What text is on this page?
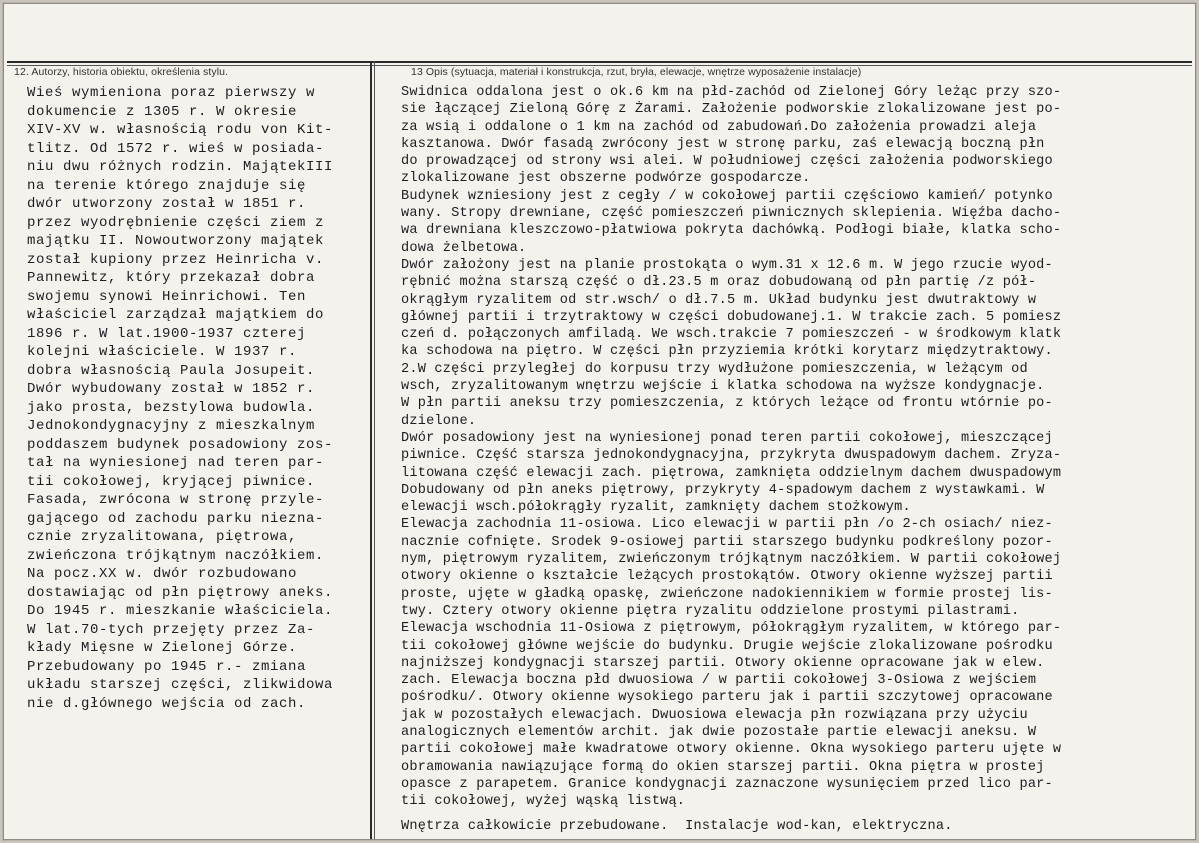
12. Autorzy, historia obiektu, określenia stylu.	13 Opis (sytuacja, materiał i konstrukcja, rzut, bryła, elewacje, wnętrze wyposażenie instalacje)
Wieś wymieniona poraz pierwszy w
dokumencie z 1305 r. W okresie
XIV-XV w. własnością rodu von Kit-
tlitz. Od 1572 r. wieś w posiada-
niu dwu różnych rodzin. MajątekIII
na terenie którego znajduje się
dwór utworzony został w 1851 r.
przez wyodrębnienie części ziem z
majątku II. Nowoutworzony majątek
został kupiony przez Heinricha v.
Pannewitz, który przekazał dobra
swojemu synowi Heinrichowi. Ten
właściciel zarządzał majątkiem do
1896 r. W lat.1900-1937 czterej
kolejni właściciele. W 1937 r.
dobra własnością Paula Josupeit.
Dwór wybudowany został w 1852 r.
jako prosta, bezstylowa budowla.
Jednokondygnacyjny z mieszkalnym
poddaszem budynek posadowiony zos-
tał na wyniesionej nad teren par-
tii cokołowej, kryjącej piwnice.
Fasada, zwrócona w stronę przyle-
gającego od zachodu parku niezna-
cznie zryzalitowana, piętrowa,
zwieńczona trójkątnym naczółkiem.
Na pocz.XX w. dwór rozbudowano
dostawiając od płn piętrowy aneks.
Do 1945 r. mieszkanie właściciela.
W lat.70-tych przejęty przez Za-
kłady Mięsne w Zielonej Górze.
Przebudowany po 1945 r.- zmiana
układu starszej części, zlikwidowa
nie d.głównego wejścia od zach.
Swidnica oddalona jest o ok.6 km na płd-zachód od Zielonej Góry leżąc przy szo-
sie łączącej Zieloną Górę z Żarami. Założenie podworskie zlokalizowane jest po-
za wsią i oddalone o 1 km na zachód od zabudowań.Do założenia prowadzi aleja
kasztanowa. Dwór fasadą zwrócony jest w stronę parku, zaś elewacją boczną płn
do prowadzącej od strony wsi alei. W południowej części założenia podworskiego
zlokalizowane jest obszerne podwórze gospodarcze.
Budynek wzniesiony jest z cegły / w cokołowej partii częściowo kamień/ potynko
wany. Stropy drewniane, część pomieszczeń piwnicznych sklepienia. Więźba dacho-
wa drewniana kleszczowo-płatwiowa pokryta dachówką. Podłogi białe, klatka scho-
dowa żelbetowa.
Dwór założony jest na planie prostokąta o wym.31 x 12.6 m. W jego rzucie wyod-
rębnić można starszą część o dł.23.5 m oraz dobudowaną od płn partię /z pół-
okrągłym ryzalitem od str.wsch/ o dł.7.5 m. Układ budynku jest dwutraktowy w
głównej partii i trzytraktowy w części dobudowanej.1. W trakcie zach. 5 pomiesz
czeń d. połączonych amfiladą. We wsch.trakcie 7 pomieszczeń - w środkowym klatk
ka schodowa na piętro. W części płn przyziemia krótki korytarz międzytraktowy.
2.W części przyległej do korpusu trzy wydłużone pomieszczenia, w leżącym od
wsch, zryzalitowanym wnętrzu wejście i klatka schodowa na wyższe kondygnacje.
W płn partii aneksu trzy pomieszczenia, z których leżące od frontu wtórnie po-
dzielone.
Dwór posadowiony jest na wyniesionej ponad teren partii cokołowej, mieszczącej
piwnice. Część starsza jednokondygnacyjna, przykryta dwuspadowym dachem. Zryza-
litowana część elewacji zach. piętrowa, zamknięta oddzielnym dachem dwuspadowym
Dobudowany od płn aneks piętrowy, przykryty 4-spadowym dachem z wystawkami. W
elewacji wsch.półokrągły ryzalit, zamknięty dachem stożkowym.
Elewacja zachodnia 11-osiowa. Lico elewacji w partii płn /o 2-ch osiach/ niez-
nacznie cofnięte. Srodek 9-osiowej partii starszego budynku podkreślony pozor-
nym, piętrowym ryzalitem, zwieńczonym trójkątnym naczółkiem. W partii cokołowej
otwory okienne o kształcie leżących prostokątów. Otwory okienne wyższej partii
proste, ujęte w gładką opaskę, zwieńczone nadokiennikiem w formie prostej lis-
twy. Cztery otwory okienne piętra ryzalitu oddzielone prostymi pilastrami.
Elewacja wschodnia 11-Osiowa z piętrowym, półokrągłym ryzalitem, w którego par-
tii cokołowej główne wejście do budynku. Drugie wejście zlokalizowane pośrodku
najniższej kondygnacji starszej partii. Otwory okienne opracowane jak w elew.
zach. Elewacja boczna płd dwuosiowa / w partii cokołowej 3-Osiowa z wejściem
pośrodku/. Otwory okienne wysokiego parteru jak i partii szczytowej opracowane
jak w pozostałych elewacjach. Dwuosiowa elewacja płn rozwiązana przy użyciu
analogicznych elementów archit. jak dwie pozostałe partie elewacji aneksu. W
partii cokołowej małe kwadratowe otwory okienne. Okna wysokiego parteru ujęte w
obramowania nawiązujące formą do okien starszej partii. Okna piętra w prostej
opasce z parapetem. Granice kondygnacji zaznaczone wysunięciem przed lico par-
tii cokołowej, wyżej wąską listwą.
Wnętrza całkowicie przebudowane.  Instalacje wod-kan, elektryczna.
